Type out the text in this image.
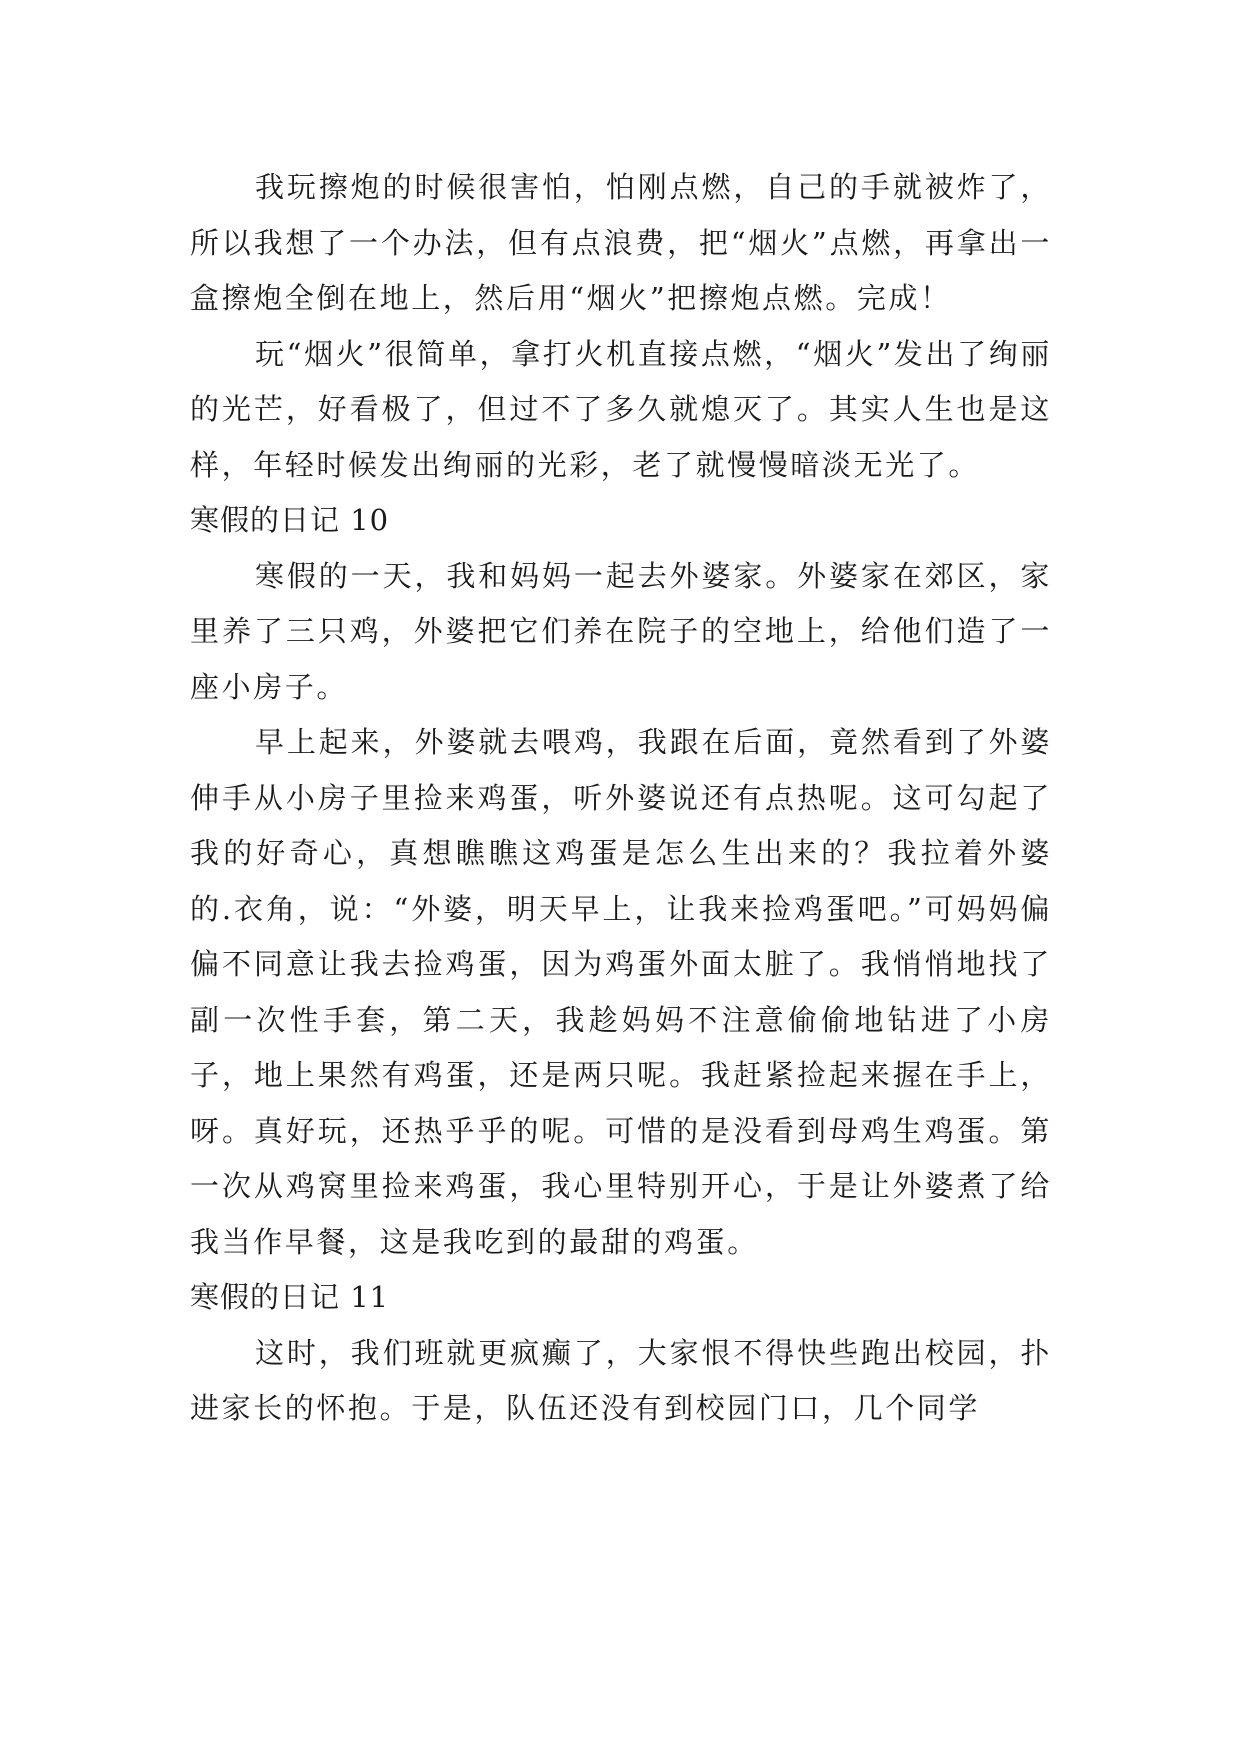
我玩擦炮的时候很害怕，怕刚点燃，自己的手就被炸了，所以我想了一个办法，但有点浪费，把“烟火”点燃，再拿出一盒擦炮全倒在地上，然后用“烟火”把擦炮点燃。完成！

玩“烟火”很简单，拿打火机直接点燃，“烟火”发出了绚丽的光芒，好看极了，但过不了多久就熄灭了。其实人生也是这样，年轻时候发出绚丽的光彩，老了就慢慢暗淡无光了。

寒假的日记 10

寒假的一天，我和妈妈一起去外婆家。外婆家在郊区，家里养了三只鸡，外婆把它们养在院子的空地上，给他们造了一座小房子。

早上起来，外婆就去喂鸡，我跟在后面，竟然看到了外婆伸手从小房子里捡来鸡蛋，听外婆说还有点热呢。这可勾起了我的好奇心，真想瞧瞧这鸡蛋是怎么生出来的？我拉着外婆的.衣角，说：“外婆，明天早上，让我来捡鸡蛋吧。”可妈妈偏偏不同意让我去捡鸡蛋，因为鸡蛋外面太脏了。我悄悄地找了副一次性手套，第二天，我趁妈妈不注意偷偷地钻进了小房子，地上果然有鸡蛋，还是两只呢。我赶紧捡起来握在手上，呀。真好玩，还热乎乎的呢。可惜的是没看到母鸡生鸡蛋。第一次从鸡窝里捡来鸡蛋，我心里特别开心，于是让外婆煮了给我当作早餐，这是我吃到的最甜的鸡蛋。

寒假的日记 11

这时，我们班就更疯癫了，大家恨不得快些跑出校园，扑进家长的怀抱。于是，队伍还没有到校园门口，几个同学
